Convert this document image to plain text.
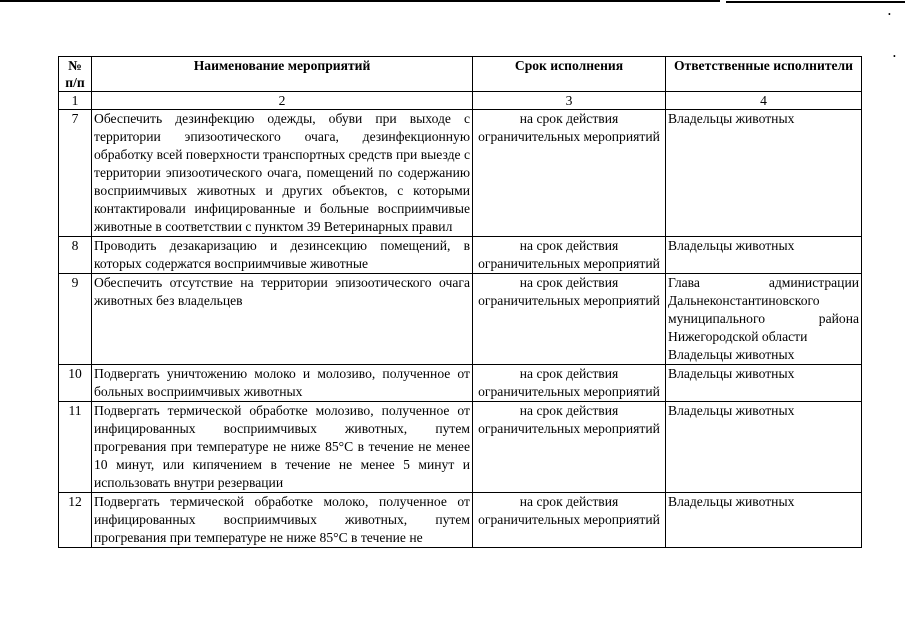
№ п/п	Наименование мероприятий	Срок исполнения	Ответственные исполнители
1	2	3	4
7	Обеспечить дезинфекцию одежды, обуви при выходе с территории эпизоотического очага, дезинфекционную обработку всей поверхности транспортных средств при выезде с территории эпизоотического очага, помещений по содержанию восприимчивых животных и других объектов, с которыми контактировали инфицированные и больные восприимчивые животные в соответствии с пунктом 39 Ветеринарных правил	на срок действия ограничительных мероприятий	Владельцы животных
8	Проводить дезакаризацию и дезинсекцию помещений, в которых содержатся восприимчивые животные	на срок действия ограничительных мероприятий	Владельцы животных
9	Обеспечить отсутствие на территории эпизоотического очага животных без владельцев	на срок действия ограничительных мероприятий	Глава администрации
Дальнеконстантиновского
муниципального района
Нижегородской области
Владельцы животных

10	Подвергать уничтожению молоко и молозиво, полученное от больных восприимчивых животных	на срок действия ограничительных мероприятий	Владельцы животных
11	Подвергать термической обработке молозиво, полученное от инфицированных восприимчивых животных, путем прогревания при температуре не ниже 85°С в течение не менее 10 минут, или кипячением в течение не менее 5 минут и использовать внутри резервации	на срок действия ограничительных мероприятий	Владельцы животных
12	Подвергать термической обработке молоко, полученное от инфицированных восприимчивых животных, путем прогревания при температуре не ниже 85°С в течение не	на срок действия ограничительных мероприятий	Владельцы животных
•
•
